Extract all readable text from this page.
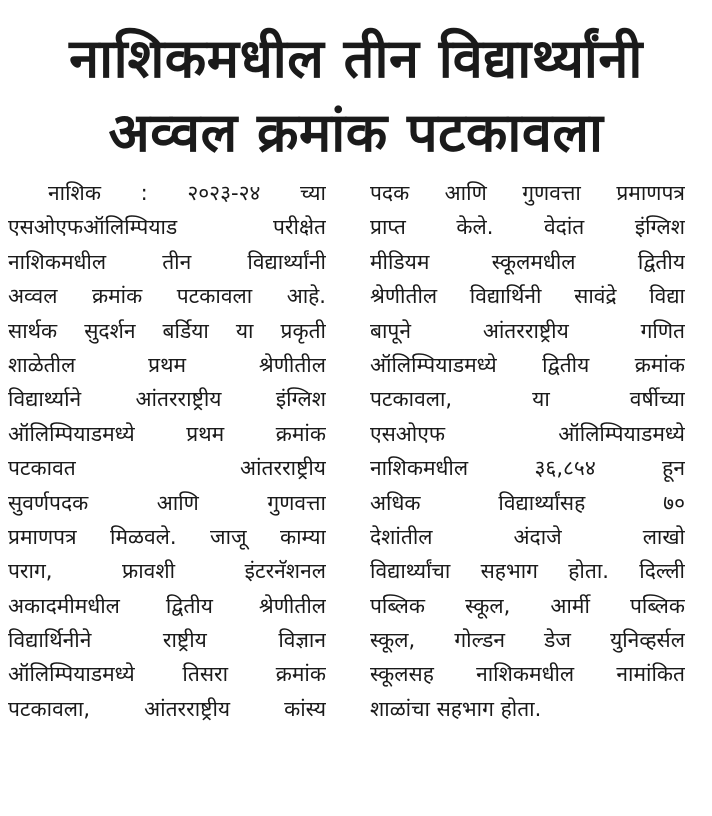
नाशिकमधील तीन विद्यार्थ्यांनी
अव्वल क्रमांक पटकावला
नाशिक : २०२३-२४ च्या
एसओएफऑलिम्पियाड परीक्षेत
नाशिकमधील तीन विद्यार्थ्यांनी
अव्वल क्रमांक पटकावला आहे.
सार्थक सुदर्शन बर्डिया या प्रकृती
शाळेतील प्रथम श्रेणीतील
विद्यार्थ्याने आंतरराष्ट्रीय इंग्लिश
ऑलिम्पियाडमध्ये प्रथम क्रमांक
पटकावत आंतरराष्ट्रीय
सुवर्णपदक आणि गुणवत्ता
प्रमाणपत्र मिळवले. जाजू काम्या
पराग, फ्रावशी इंटरनॅशनल
अकादमीमधील द्वितीय श्रेणीतील
विद्यार्थिनीने राष्ट्रीय विज्ञान
ऑलिम्पियाडमध्ये तिसरा क्रमांक
पटकावला, आंतरराष्ट्रीय कांस्य
पदक आणि गुणवत्ता प्रमाणपत्र
प्राप्त केले. वेदांत इंग्लिश
मीडियम स्कूलमधील द्वितीय
श्रेणीतील विद्यार्थिनी सावंद्रे विद्या
बापूने आंतरराष्ट्रीय गणित
ऑलिम्पियाडमध्ये द्वितीय क्रमांक
पटकावला, या वर्षीच्या
एसओएफ ऑलिम्पियाडमध्ये
नाशिकमधील ३६,८५४ हून
अधिक विद्यार्थ्यांसह ७०
देशांतील अंदाजे लाखो
विद्यार्थ्यांचा सहभाग होता. दिल्ली
पब्लिक स्कूल, आर्मी पब्लिक
स्कूल, गोल्डन डेज युनिव्हर्सल
स्कूलसह नाशिकमधील नामांकित
शाळांचा सहभाग होता.
